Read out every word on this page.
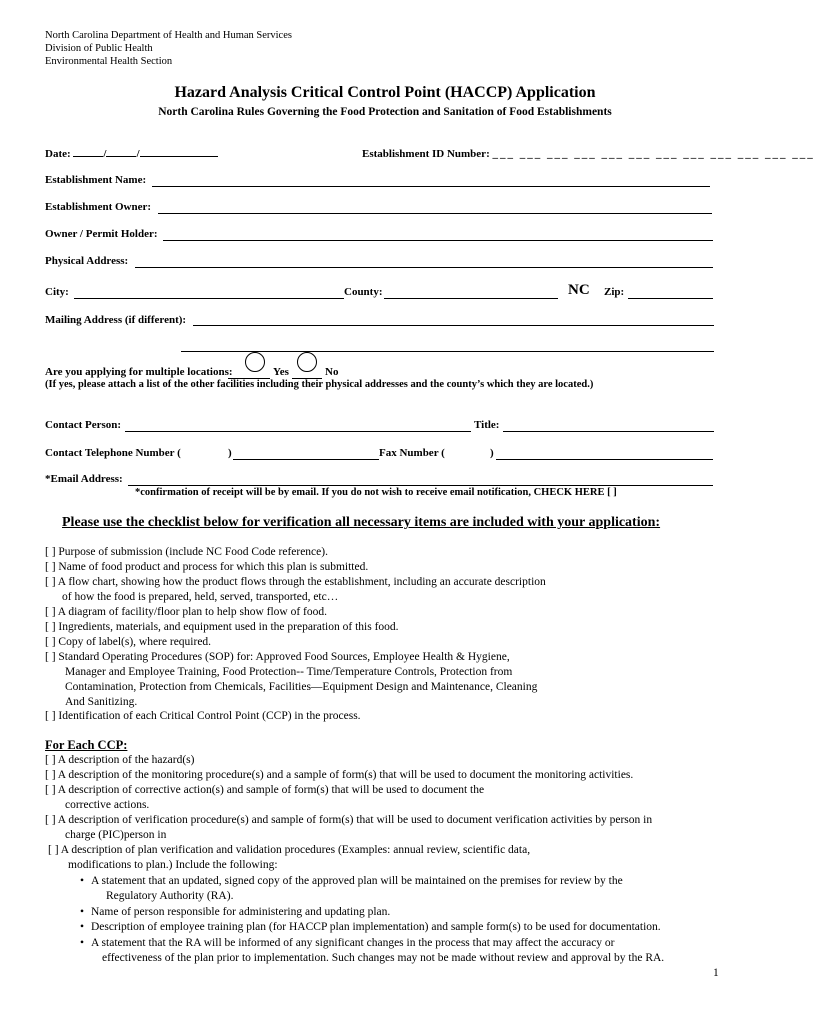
North Carolina Department of Health and Human Services
Division of Public Health
Environmental Health Section
Hazard Analysis Critical Control Point (HACCP) Application
North Carolina Rules Governing the Food Protection and Sanitation of Food Establishments
Date:	/	/	Establishment ID Number: ___ ___ ___ ___ ___ ___ ___ ___ ___ ___ ___ ___
Establishment Name:
Establishment Owner:
Owner / Permit Holder:
Physical Address:
City:	County:	NC Zip:
Mailing Address (if different):
Are you applying for multiple locations:	Yes	No
(If yes, please attach a list of the other facilities including their physical addresses and the county’s which they are located.)
Contact Person:	Title:
Contact Telephone Number (	)	Fax Number (	)
*Email Address:
*confirmation of receipt will be by email. If you do not wish to receive email notification, CHECK HERE [ ]
Please use the checklist below for verification all necessary items are included with your application:
[ ] Purpose of submission (include NC Food Code reference).
[ ] Name of food product and process for which this plan is submitted.
[ ] A flow chart, showing how the product flows through the establishment, including an accurate description
of how the food is prepared, held, served, transported, etc…
[ ] A diagram of facility/floor plan to help show flow of food.
[ ] Ingredients, materials, and equipment used in the preparation of this food.
[ ] Copy of label(s), where required.
[ ] Standard Operating Procedures (SOP) for: Approved Food Sources, Employee Health & Hygiene,
Manager and Employee Training, Food Protection-- Time/Temperature Controls, Protection from
Contamination, Protection from Chemicals, Facilities—Equipment Design and Maintenance, Cleaning
And Sanitizing.
[ ] Identification of each Critical Control Point (CCP) in the process.
For Each CCP:
[ ] A description of the hazard(s)
[ ] A description of the monitoring procedure(s) and a sample of form(s) that will be used to document the monitoring activities.
[ ] A description of corrective action(s) and sample of form(s) that will be used to document the
corrective actions.
[ ] A description of verification procedure(s) and sample of form(s) that will be used to document verification activities by person in
charge (PIC)person in
[ ] A description of plan verification and validation procedures (Examples: annual review, scientific data,
modifications to plan.) Include the following:
• A statement that an updated, signed copy of the approved plan will be maintained on the premises for review by the
Regulatory Authority (RA).
• Name of person responsible for administering and updating plan.
• Description of employee training plan (for HACCP plan implementation) and sample form(s) to be used for documentation.
• A statement that the RA will be informed of any significant changes in the process that may affect the accuracy or
effectiveness of the plan prior to implementation. Such changes may not be made without review and approval by the RA.
1
